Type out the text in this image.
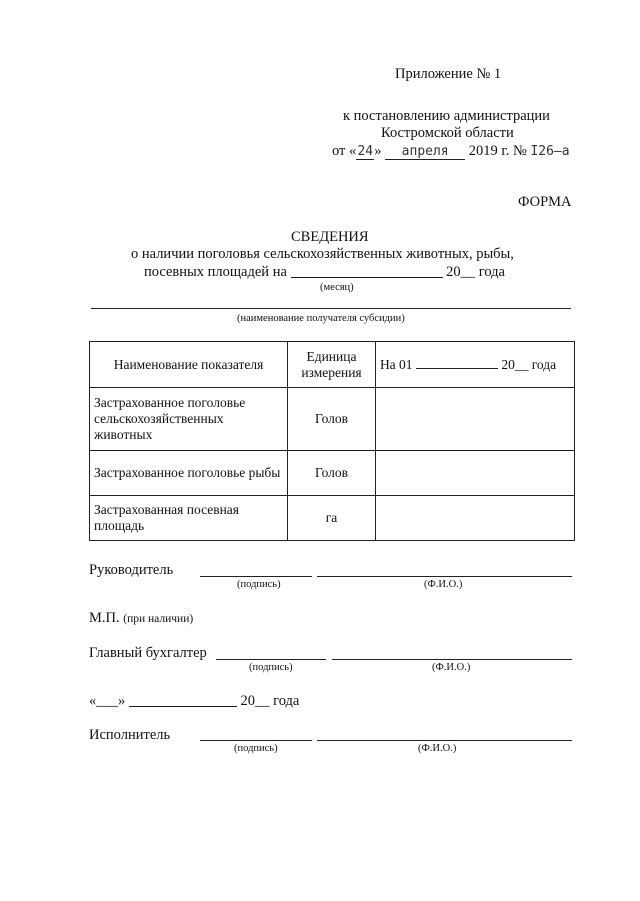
Приложение № 1
к постановлению администрации
Костромской области
от «24» апреля 2019 г. № I26–а
ФОРМА
СВЕДЕНИЯ
о наличии поголовья сельскохозяйственных животных, рыбы,
посевных площадей на	20__ года
(месяц)
(наименование получателя субсидии)
Наименование показателя	Единица измерения	На 01 20__ года
Застрахованное поголовье сельскохозяйственных животных	Голов	
Застрахованное поголовье рыбы	Голов	
Застрахованная посевная площадь	га	
Руководитель
(подпись)	(Ф.И.О.)
М.П. (при наличии)
Главный бухгалтер
(подпись)	(Ф.И.О.)
«___»	20__ года
Исполнитель
(подпись)	(Ф.И.О.)
